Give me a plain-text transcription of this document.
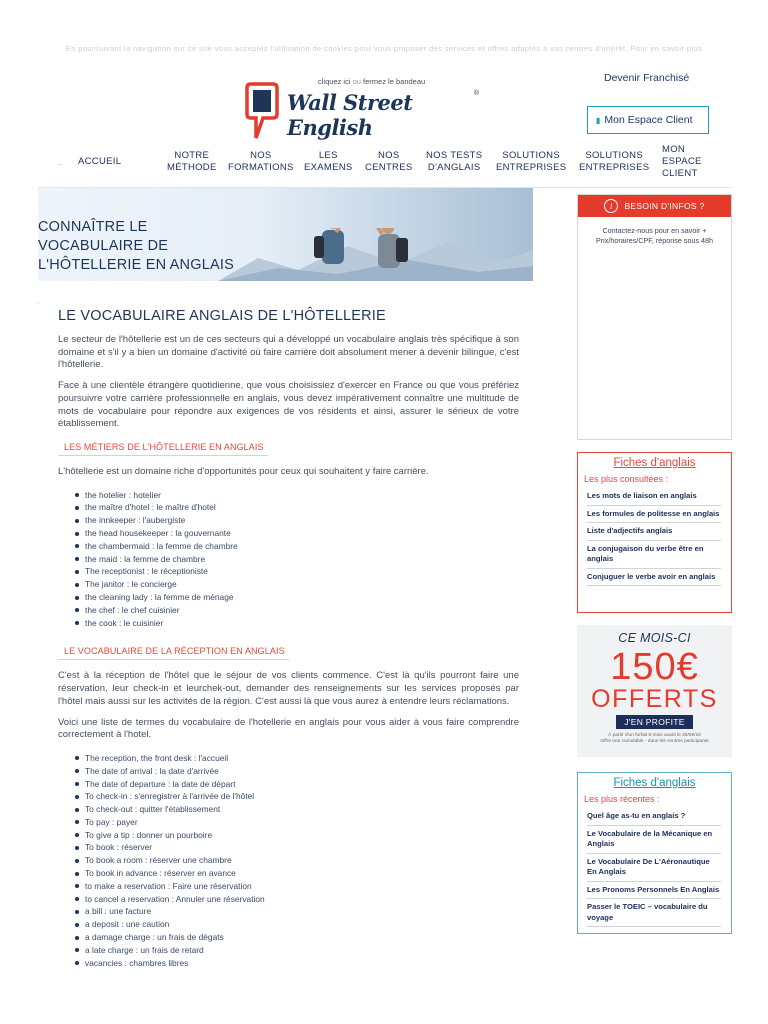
En poursuivant la navigation sur ce site vous acceptez l'utilisation de cookies pour vous proposer des services et offres adaptés à vos centres d'intérêt. Pour en savoir plus
cliquez ici ou fermez le bandeau
Wall Street English
®
Devenir Franchisé
▮ Mon Espace Client
.. ACCUEIL
NOTRE
MÉTHODE
NOS
FORMATIONS
LES
EXAMENS
NOS
CENTRES
NOS TESTS
D'ANGLAIS
SOLUTIONS
ENTREPRISES
SOLUTIONS
ENTREPRISES
MON
ESPACE
CLIENT
CONNAÎTRE LE
VOCABULAIRE DE
L'HÔTELLERIE EN ANGLAIS
i	BESOIN D'INFOS ?
Contactez-nous pour en savoir + Prix/horaires/CPF, réponse sous 48h
·
LE VOCABULAIRE ANGLAIS DE L'HÔTELLERIE
Le secteur de l'hôtellerie est un de ces secteurs qui a développé un vocabulaire anglais très spécifique à son domaine et s'il y a bien un domaine d'activité où faire carrière doit absolument mener à devenir bilingue, c'est l'hôtellerie.
Face à une clientèle étrangère quotidienne, que vous choisissiez d'exercer en France ou que vous préfériez poursuivre votre carrière professionnelle en anglais, vous devez impérativement connaître une multitude de mots de vocabulaire pour répondre aux exigences de vos résidents et ainsi, assurer le sérieux de votre établissement.
LES MÉTIERS DE L'HÔTELLERIE EN ANGLAIS
L'hôtellerie est un domaine riche d'opportunités pour ceux qui souhaitent y faire carrière.
the hotelier : hotelier
the maître d'hotel : le maître d'hotel
the innkeeper : l'aubergiste
the head housekeeper : la gouvernante
the chambermaid : la femme de chambre
the maid : la femme de chambre
The receptionist : le réceptioniste
The janitor : le concierge
the cleaning lady : la femme de ménage
the chef : le chef cuisinier
the cook : le cuisinier
LE VOCABULAIRE DE LA RÉCEPTION EN ANGLAIS
C'est à la réception de l'hôtel que le séjour de vos clients commence. C'est là qu'ils pourront faire une réservation, leur check-in et leurchek-out, demander des renseignements sur les services proposés par l'hôtel mais aussi sur les activités de la région. C'est aussi là que vous aurez à entendre leurs réclamations.
Voici une liste de termes du vocabulaire de l'hotellerie en anglais pour vous aider à vous faire comprendre correctement à l'hotel.
The reception, the front desk : l'accueil
The date of arrival : la date d'arrivée
The date of departure : la date de départ
To check-in : s'enregistrer à l'arrivée de l'hôtel
To check-out : quitter l'établissement
To pay : payer
To give a tip : donner un pourboire
To book : réserver
To book a room : réserver une chambre
To book in advance : réserver en avance
to make a reservation : Faire une réservation
to cancel a reservation : Annuler une réservation
a bill : une facture
a deposit : une caution
a damage charge : un frais de dégats
a late charge : un frais de retard
vacancies : chambres libres
Fiches d'anglais
Les plus consultées :
Les mots de liaison en anglais
Les formules de politesse en anglais
Liste d'adjectifs anglais
La conjugaison du verbe être en anglais
Conjuguer le verbe avoir en anglais
CE MOIS-CI
150€
OFFERTS
J'EN PROFITE
À partir d'un forfait 6 mois avant le 30/09/19
Offre non cumulable - dans les centres participants
Fiches d'anglais
Les plus récentes :
Quel âge as-tu en anglais ?
Le Vocabulaire de la Mécanique en Anglais
Le Vocabulaire De L'Aéronautique En Anglais
Les Pronoms Personnels En Anglais
Passer le TOEIC – vocabulaire du voyage
